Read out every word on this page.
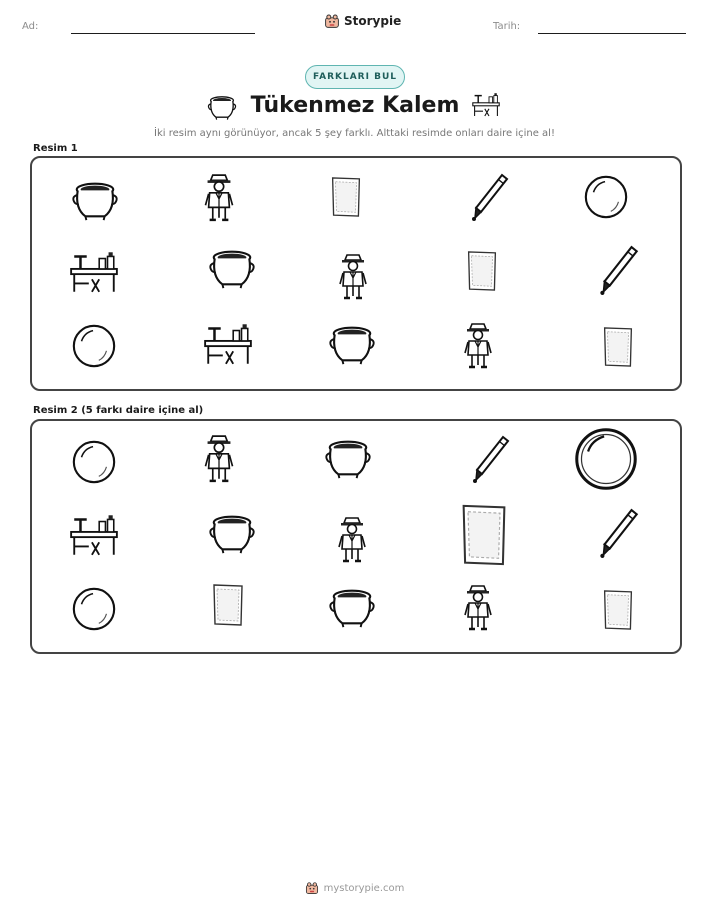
Ad:	Storypie	Tarih:
FARKLARI BUL
Tükenmez Kalem
İki resim aynı görünüyor, ancak 5 şey farklı. Alttaki resimde onları daire içine al!
Resim 1
Resim 2 (5 farkı daire içine al)
mystorypie.com
